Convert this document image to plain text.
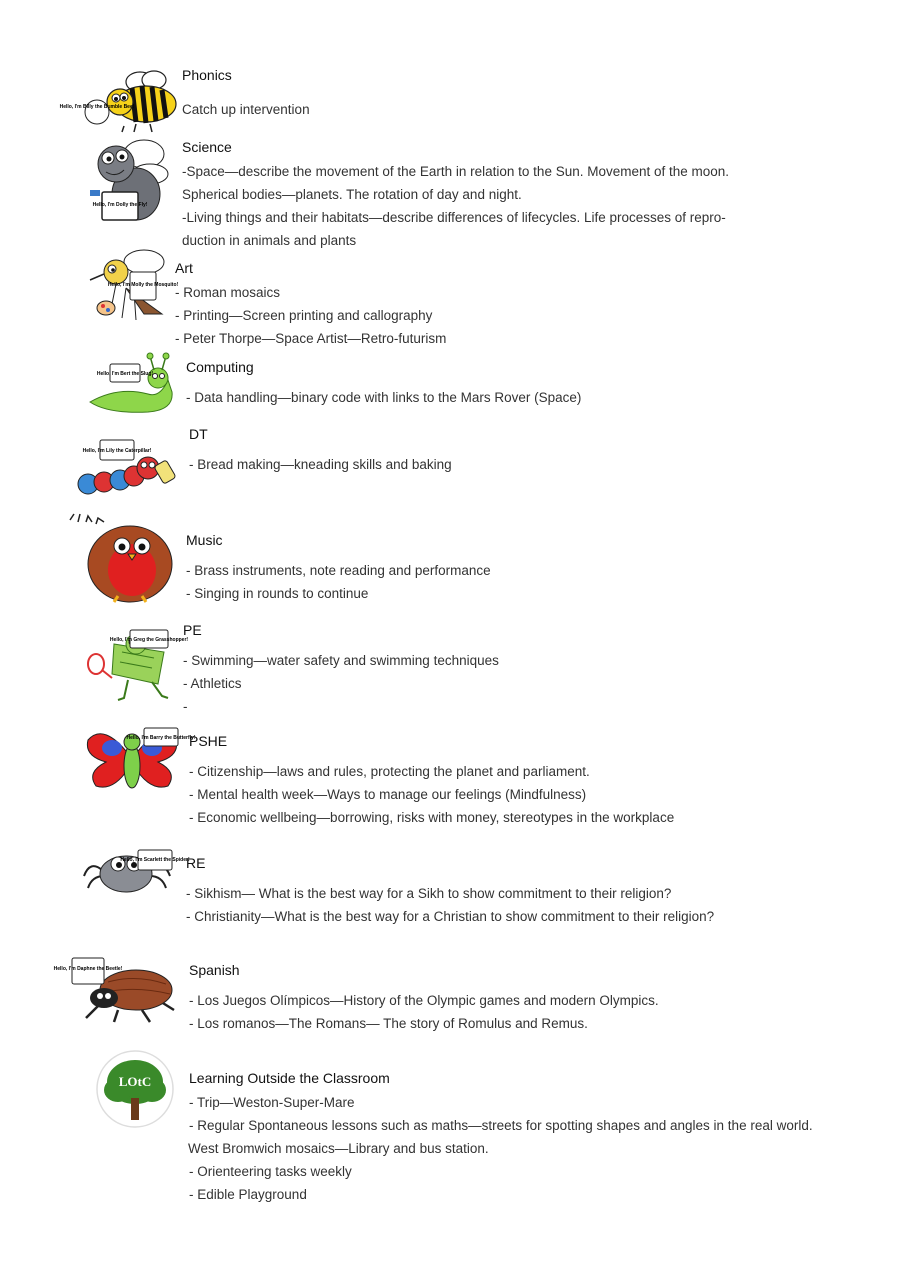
Hello, I'm Billy the Bumble Bee!
Phonics
Catch up intervention
Hello, I'm Dolly the Fly!
Science
-Space—describe the movement of the Earth in relation to the Sun. Movement of the moon.
Spherical bodies—planets. The rotation of day and night.
-Living things and their habitats—describe differences of lifecycles. Life processes of repro-
duction in animals and plants
Hello, I'm Molly the Mosquito!
Art
- Roman mosaics
- Printing—Screen printing and callography
- Peter Thorpe—Space Artist—Retro-futurism
Hello, I'm Bert the Slug! Computing
- Data handling—binary code with links to the Mars Rover (Space)
Hello, I'm Lily the Caterpillar!
DT
- Bread making—kneading skills and baking
Music
- Brass instruments, note reading and performance
- Singing in rounds to continue
Hello, I'm Greg the Grasshopper!
PE
- Swimming—water safety and swimming techniques
- Athletics
-
Hello, I'm Barry the Butterfly!
PSHE
- Citizenship—laws and rules, protecting the planet and parliament.
- Mental health week—Ways to manage our feelings (Mindfulness)
- Economic wellbeing—borrowing, risks with money, stereotypes in the workplace
Hello, I'm Scarlett the Spider!
RE
- Sikhism— What is the best way for a Sikh to show commitment to their religion?
- Christianity—What is the best way for a Christian to show commitment to their religion?
Hello, I'm Daphne the Beetle!	Spanish
- Los Juegos Olímpicos—History of the Olympic games and modern Olympics.
- Los romanos—The Romans— The story of Romulus and Remus.
LOtC	Learning Outside the Classroom
- Trip—Weston-Super-Mare
- Regular Spontaneous lessons such as maths—streets for spotting shapes and angles in the real world.
West Bromwich mosaics—Library and bus station.
- Orienteering tasks weekly
- Edible Playground
